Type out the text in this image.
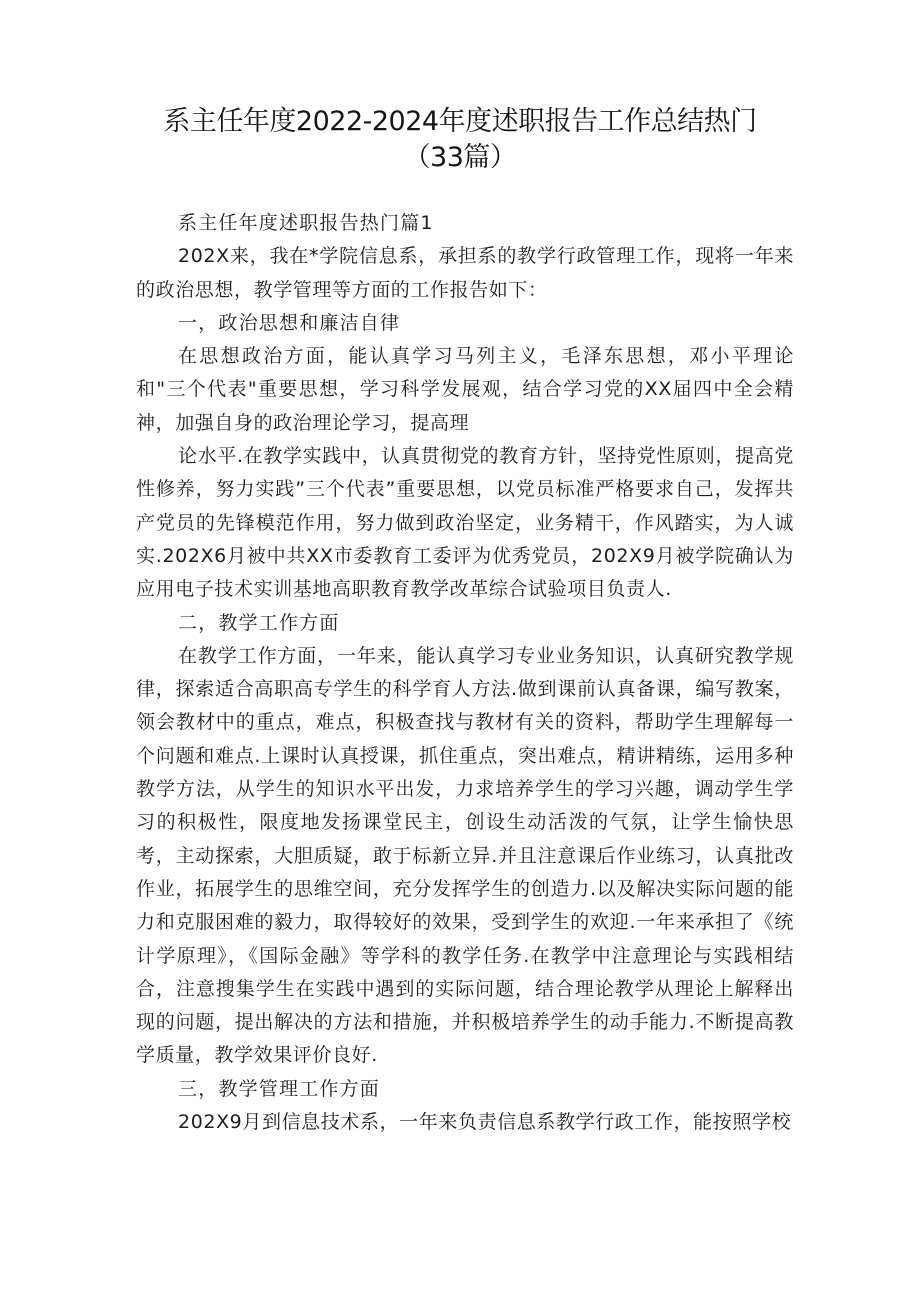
系主任年度2022-2024年度述职报告工作总结热门
（33篇）

系主任年度述职报告热门篇1

202X来，我在*学院信息系，承担系的教学行政管理工作，现将一年来的政治思想，教学管理等方面的工作报告如下：

一，政治思想和廉洁自律

在思想政治方面，能认真学习马列主义，毛泽东思想，邓小平理论和"三个代表"重要思想，学习科学发展观，结合学习党的XX届四中全会精神，加强自身的政治理论学习，提高理

论水平.在教学实践中，认真贯彻党的教育方针，坚持党性原则，提高党性修养，努力实践”三个代表”重要思想，以党员标准严格要求自己，发挥共产党员的先锋模范作用，努力做到政治坚定，业务精干，作风踏实，为人诚实.202X6月被中共XX市委教育工委评为优秀党员，202X9月被学院确认为应用电子技术实训基地高职教育教学改革综合试验项目负责人.

二，教学工作方面

在教学工作方面，一年来，能认真学习专业业务知识，认真研究教学规律，探索适合高职高专学生的科学育人方法.做到课前认真备课，编写教案，领会教材中的重点，难点，积极查找与教材有关的资料，帮助学生理解每一个问题和难点.上课时认真授课，抓住重点，突出难点，精讲精练，运用多种教学方法，从学生的知识水平出发，力求培养学生的学习兴趣，调动学生学习的积极性，限度地发扬课堂民主，创设生动活泼的气氛，让学生愉快思考，主动探索，大胆质疑，敢于标新立异.并且注意课后作业练习，认真批改作业，拓展学生的思维空间，充分发挥学生的创造力.以及解决实际问题的能力和克服困难的毅力，取得较好的效果，受到学生的欢迎.一年来承担了《统计学原理》，《国际金融》等学科的教学任务.在教学中注意理论与实践相结合，注意搜集学生在实践中遇到的实际问题，结合理论教学从理论上解释出现的问题，提出解决的方法和措施，并积极培养学生的动手能力.不断提高教学质量，教学效果评价良好.

三，教学管理工作方面

202X9月到信息技术系，一年来负责信息系教学行政工作，能按照学校
